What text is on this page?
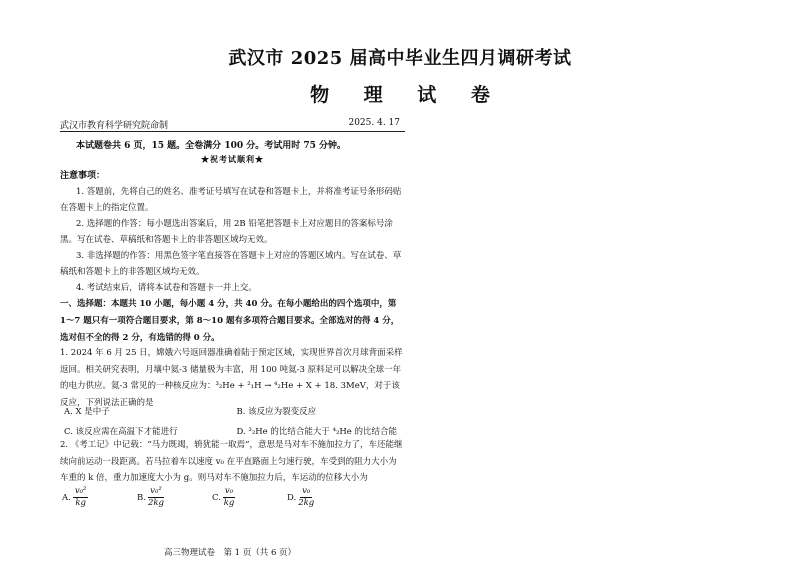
武汉市 2025 届高中毕业生四月调研考试
物 理 试 卷
武汉市教育科学研究院命制	2025. 4. 17
本试题卷共 6 页，15 题。全卷满分 100 分。考试用时 75 分钟。
★祝考试顺利★
注意事项：

1. 答题前，先将自己的姓名、准考证号填写在试卷和答题卡上，并将准考证号条形码贴在答题卡上的指定位置。

2. 选择题的作答：每小题选出答案后，用 2B 铅笔把答题卡上对应题目的答案标号涂黑。写在试卷、草稿纸和答题卡上的非答题区域均无效。

3. 非选择题的作答：用黑色签字笔直接答在答题卡上对应的答题区域内。写在试卷、草稿纸和答题卡上的非答题区域均无效。

4. 考试结束后，请将本试卷和答题卡一并上交。

一、选择题：本题共 10 小题，每小题 4 分，共 40 分。在每小题给出的四个选项中，第 1～7 题只有一项符合题目要求，第 8～10 题有多项符合题目要求。全部选对的得 4 分，选对但不全的得 2 分，有选错的得 0 分。
1. 2024 年 6 月 25 日，嫦娥六号返回器准确着陆于预定区域，实现世界首次月球背面采样返回。相关研究表明，月壤中氦-3 储量极为丰富，用 100 吨氦-3 原料足可以解决全球一年的电力供应。氦-3 常见的一种核反应为：³₂He + ²₁H → ⁴₂He + X + 18. 3MeV，对于该反应，下列说法正确的是
A. X 是中子	B. 该反应为裂变反应
C. 该反应需在高温下才能进行	D. ³₂He 的比结合能大于 ⁴₂He 的比结合能
2. 《考工记》中记载：“马力既竭，辀犹能一取焉”，意思是马对车不施加拉力了，车还能继续向前运动一段距离。若马拉着车以速度 v₀ 在平直路面上匀速行驶，车受到的阻力大小为车重的 k 倍，重力加速度大小为 g。则马对车不施加拉力后，车运动的位移大小为
A. $\frac{\text{v₀²}}{kg}$	B. $\frac{\text{v₀²}}{2kg}$	C. $\frac{\text{v₀}}{kg}$	D. $\frac{\text{v₀}}{2kg}$
高三物理试卷　第 1 页（共 6 页）
